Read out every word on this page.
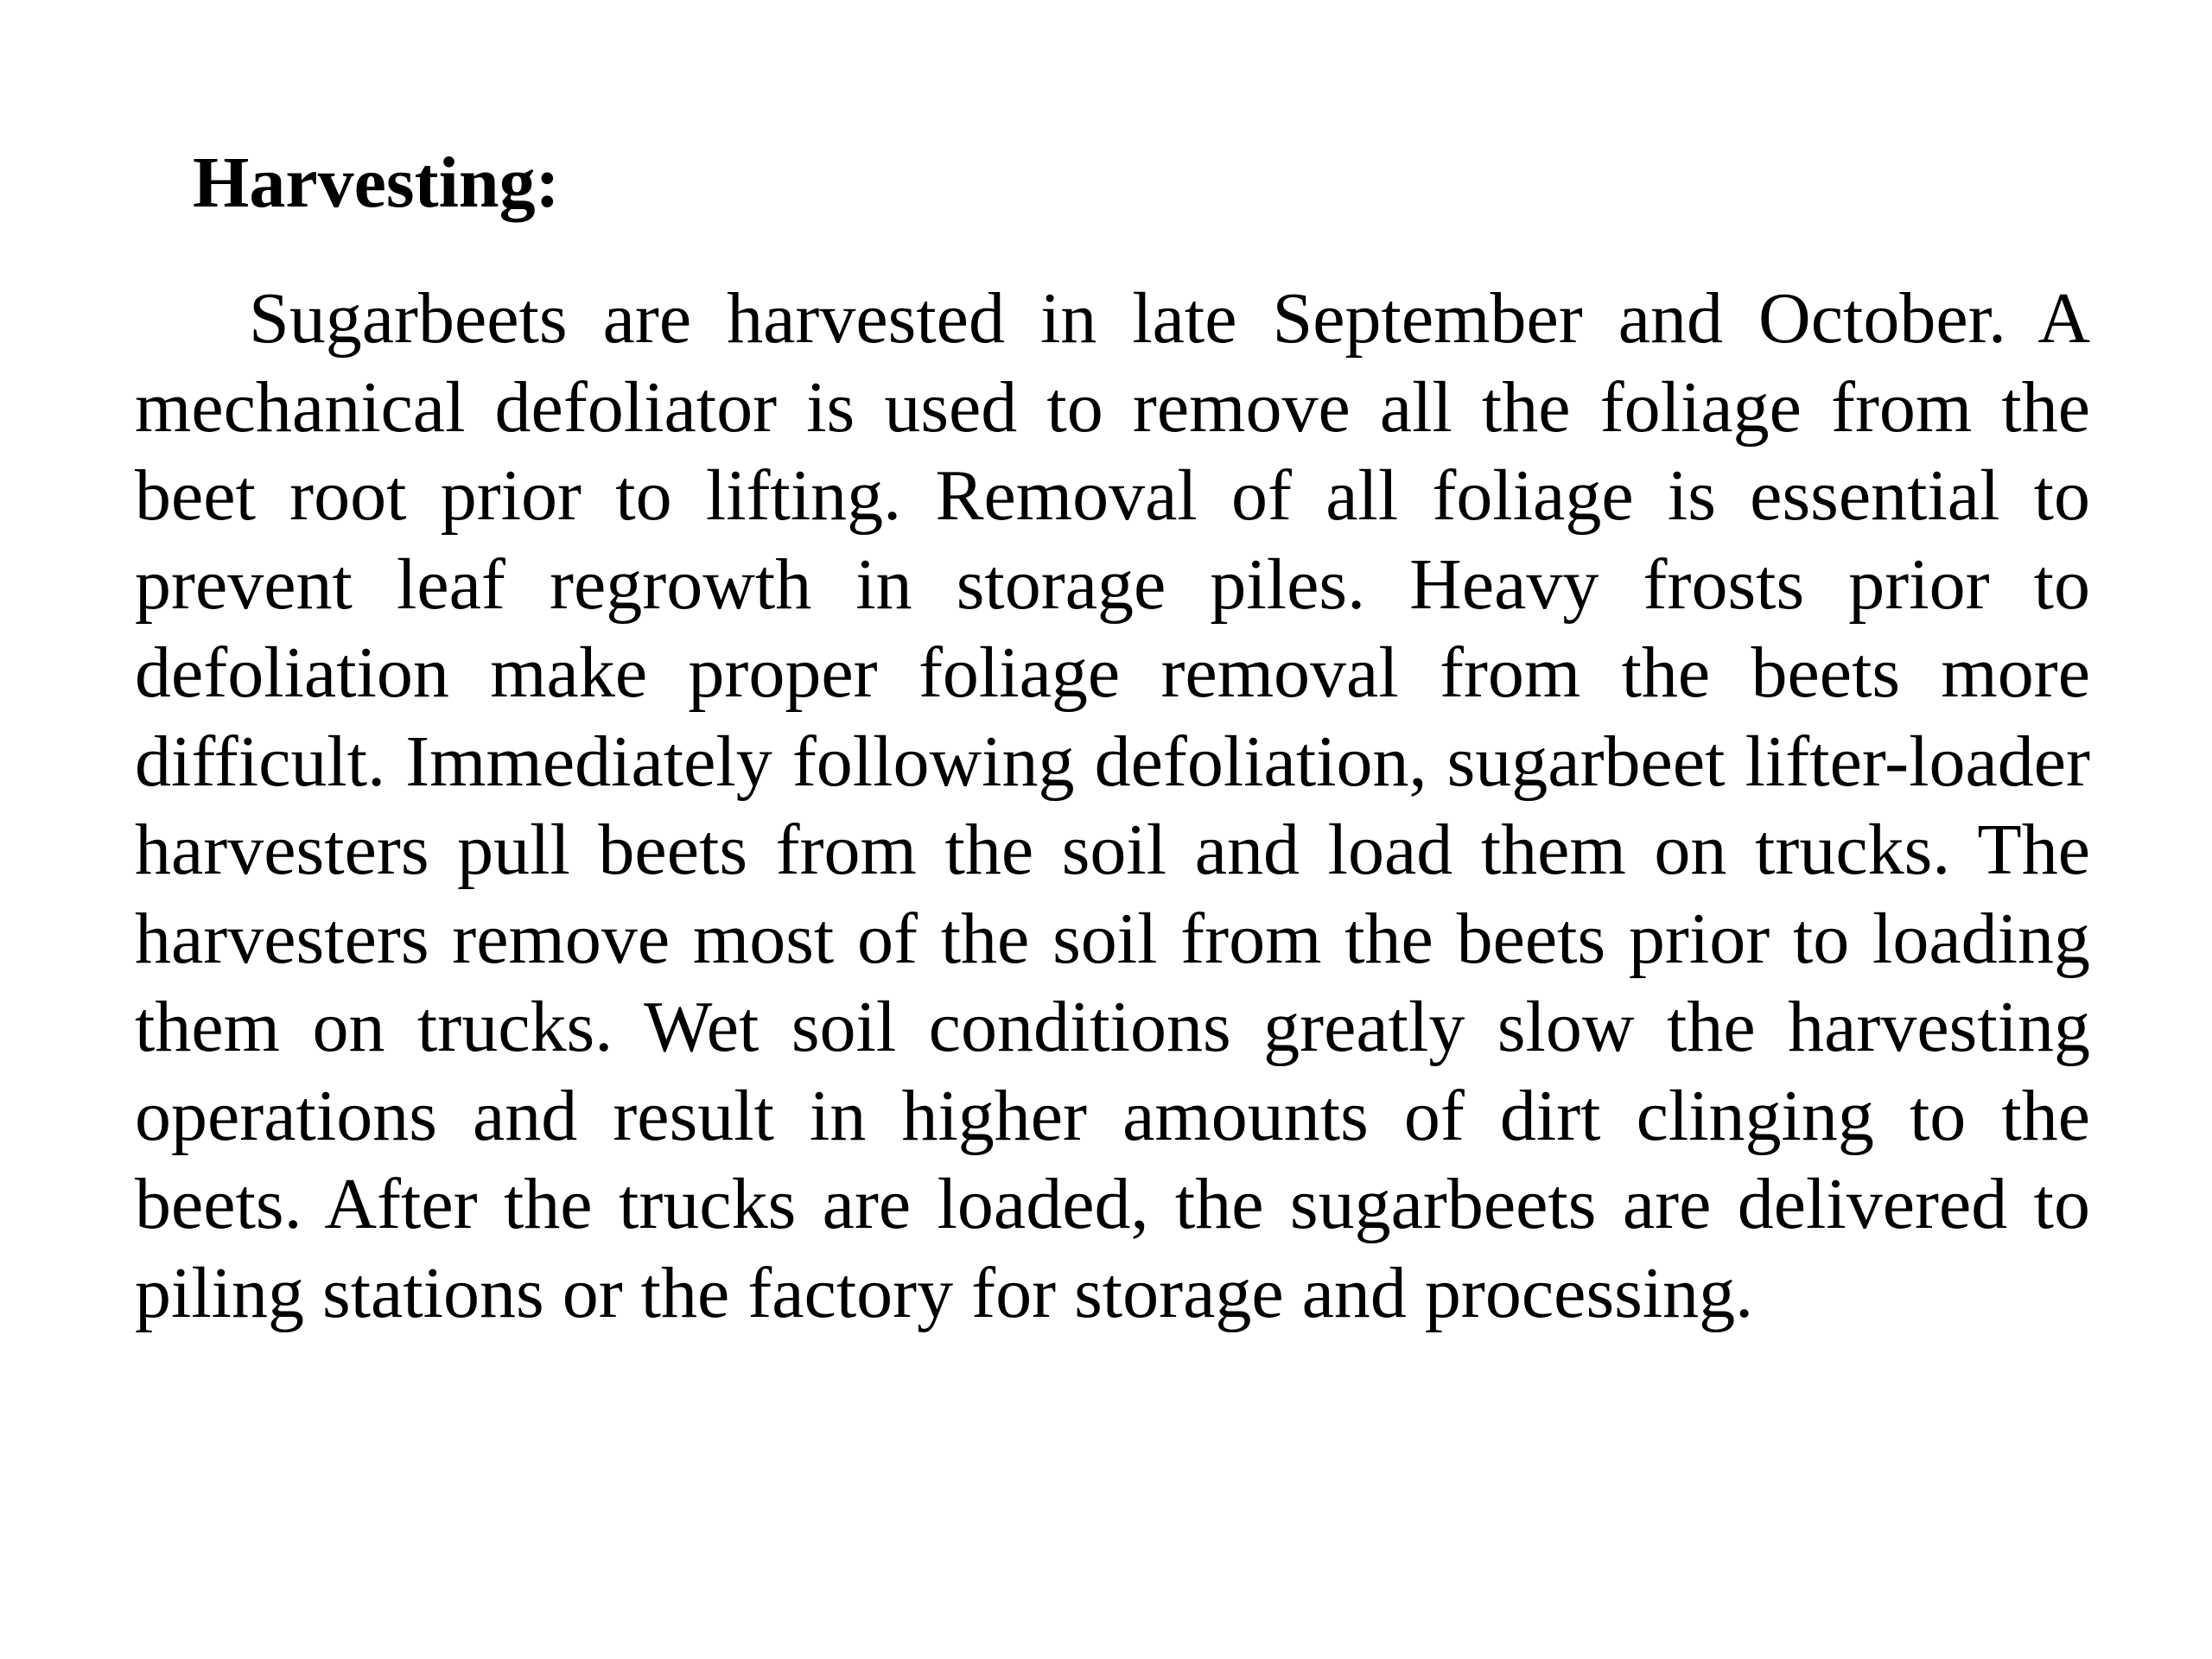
Harvesting:

Sugarbeets are harvested in late September and October. A mechanical defoliator is used to remove all the foliage from the beet root prior to lifting. Removal of all foliage is essential to prevent leaf regrowth in storage piles. Heavy frosts prior to defoliation make proper foliage removal from the beets more difficult. Immediately following defoliation, sugarbeet lifter-loader harvesters pull beets from the soil and load them on trucks. The harvesters remove most of the soil from the beets prior to loading them on trucks. Wet soil conditions greatly slow the harvesting operations and result in higher amounts of dirt clinging to the beets. After the trucks are loaded, the sugarbeets are delivered to piling stations or the factory for storage and processing.
